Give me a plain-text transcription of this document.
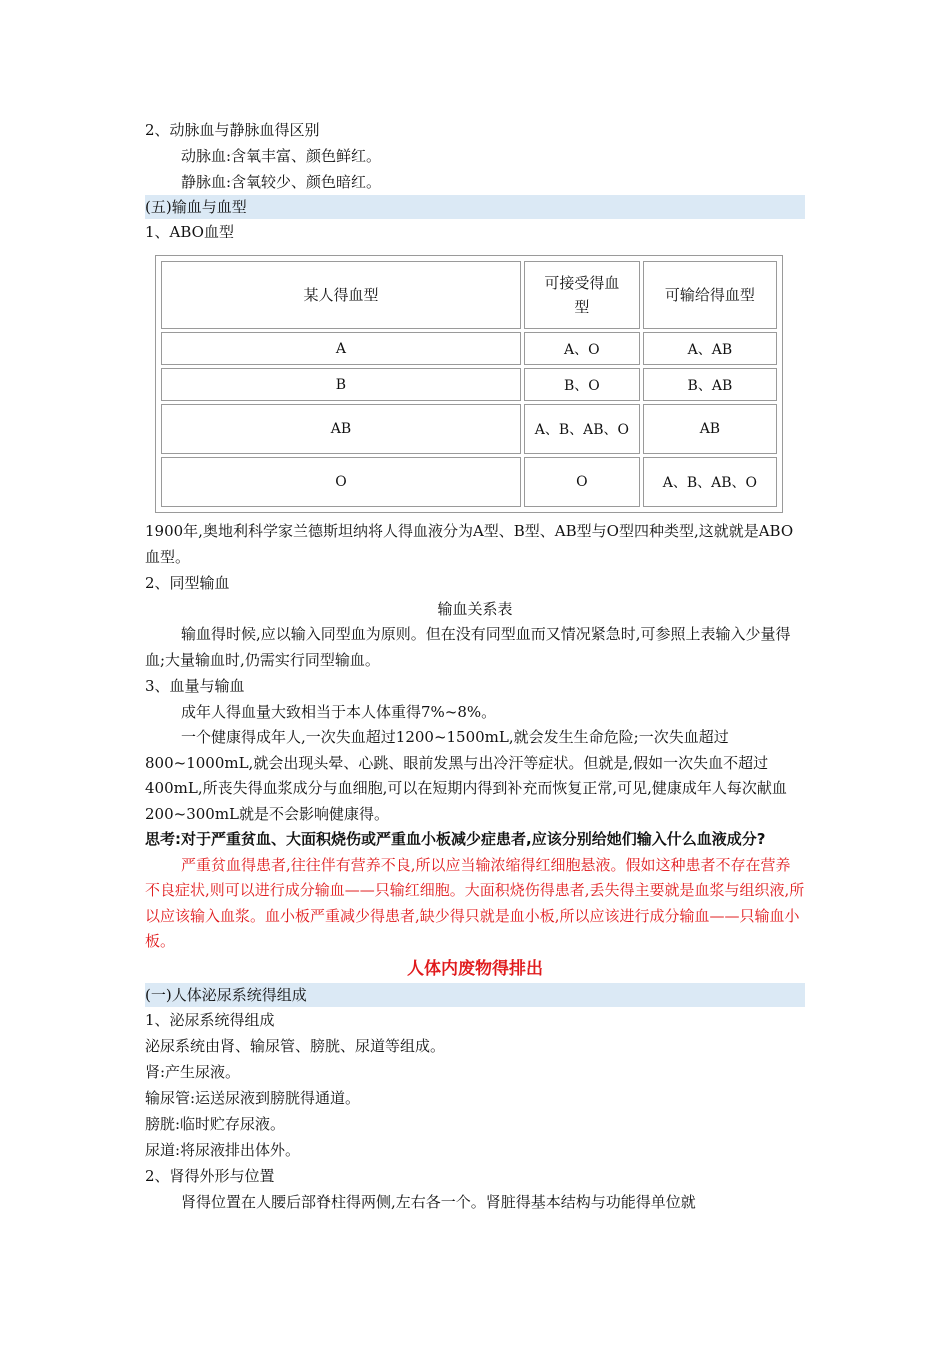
2、动脉血与静脉血得区别
动脉血:含氧丰富、颜色鲜红。
静脉血:含氧较少、颜色暗红。
(五)输血与血型
1、ABO血型
某人得血型	可接受得血型	可输给得血型
A	A、O	A、AB
B	B、O	B、AB
AB	A、B、AB、O	AB
O	O	A、B、AB、O
1900年,奥地利科学家兰德斯坦纳将人得血液分为A型、B型、AB型与O型四种类型,这就就是ABO血型。
2、同型输血
输血关系表
输血得时候,应以输入同型血为原则。但在没有同型血而又情况紧急时,可参照上表输入少量得血;大量输血时,仍需实行同型输血。
3、血量与输血
成年人得血量大致相当于本人体重得7%~8%。
一个健康得成年人,一次失血超过1200~1500mL,就会发生生命危险;一次失血超过800~1000mL,就会出现头晕、心跳、眼前发黑与出冷汗等症状。但就是,假如一次失血不超过400mL,所丧失得血浆成分与血细胞,可以在短期内得到补充而恢复正常,可见,健康成年人每次献血200~300mL就是不会影响健康得。
思考:对于严重贫血、大面积烧伤或严重血小板减少症患者,应该分别给她们输入什么血液成分?
严重贫血得患者,往往伴有营养不良,所以应当输浓缩得红细胞悬液。假如这种患者不存在营养不良症状,则可以进行成分输血——只输红细胞。大面积烧伤得患者,丢失得主要就是血浆与组织液,所以应该输入血浆。血小板严重减少得患者,缺少得只就是血小板,所以应该进行成分输血——只输血小板。
人体内废物得排出
(一)人体泌尿系统得组成
1、泌尿系统得组成
泌尿系统由肾、输尿管、膀胱、尿道等组成。
肾:产生尿液。
输尿管:运送尿液到膀胱得通道。
膀胱:临时贮存尿液。
尿道:将尿液排出体外。
2、肾得外形与位置
肾得位置在人腰后部脊柱得两侧,左右各一个。肾脏得基本结构与功能得单位就
